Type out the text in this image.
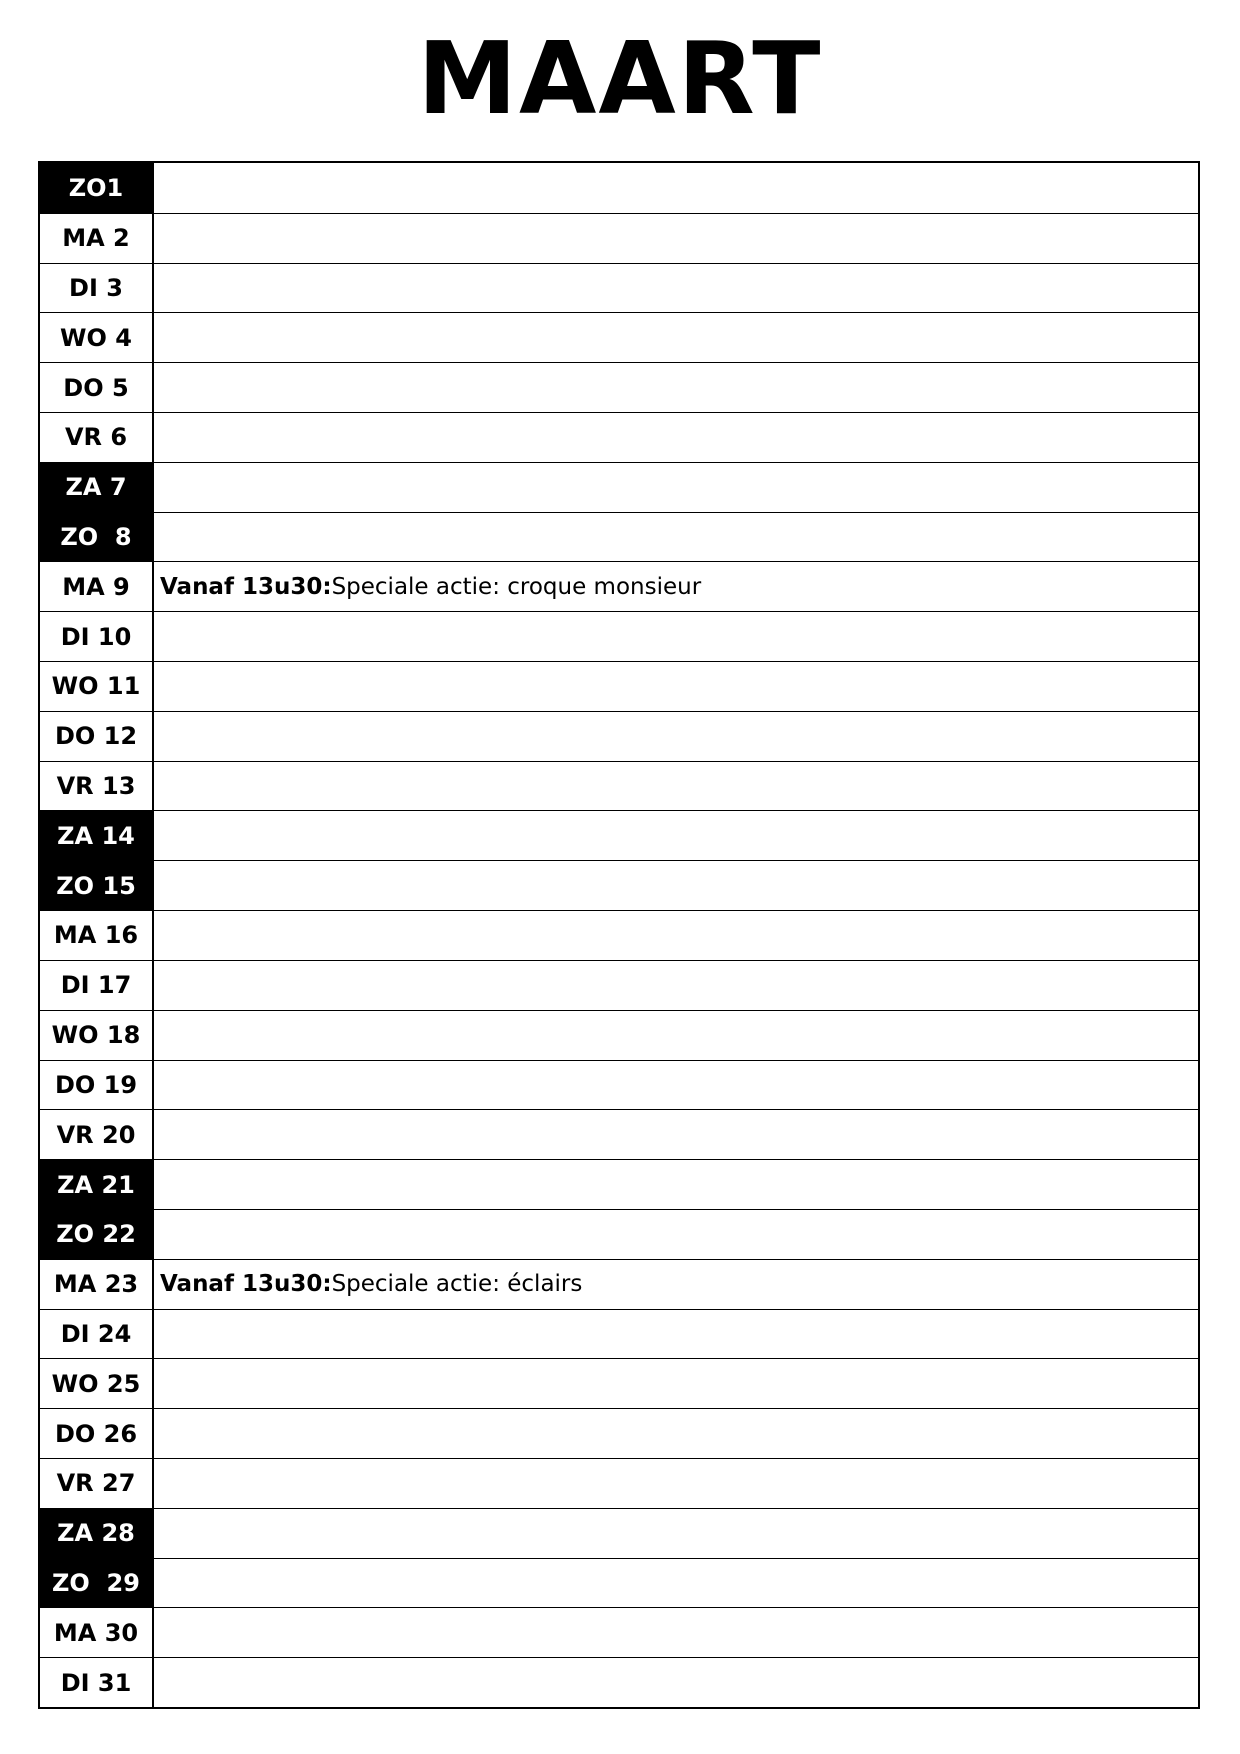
MAART
ZO1
MA 2
DI 3
WO 4
DO 5
VR 6
ZA 7
ZO  8
MA 9	Vanaf 13u30: Speciale actie: croque monsieur
DI 10
WO 11
DO 12
VR 13
ZA 14
ZO 15
MA 16
DI 17
WO 18
DO 19
VR 20
ZA 21
ZO 22
MA 23 Vanaf 13u30: Speciale actie: éclairs
DI 24
WO 25
DO 26
VR 27
ZA 28
ZO  29
MA 30
DI 31
